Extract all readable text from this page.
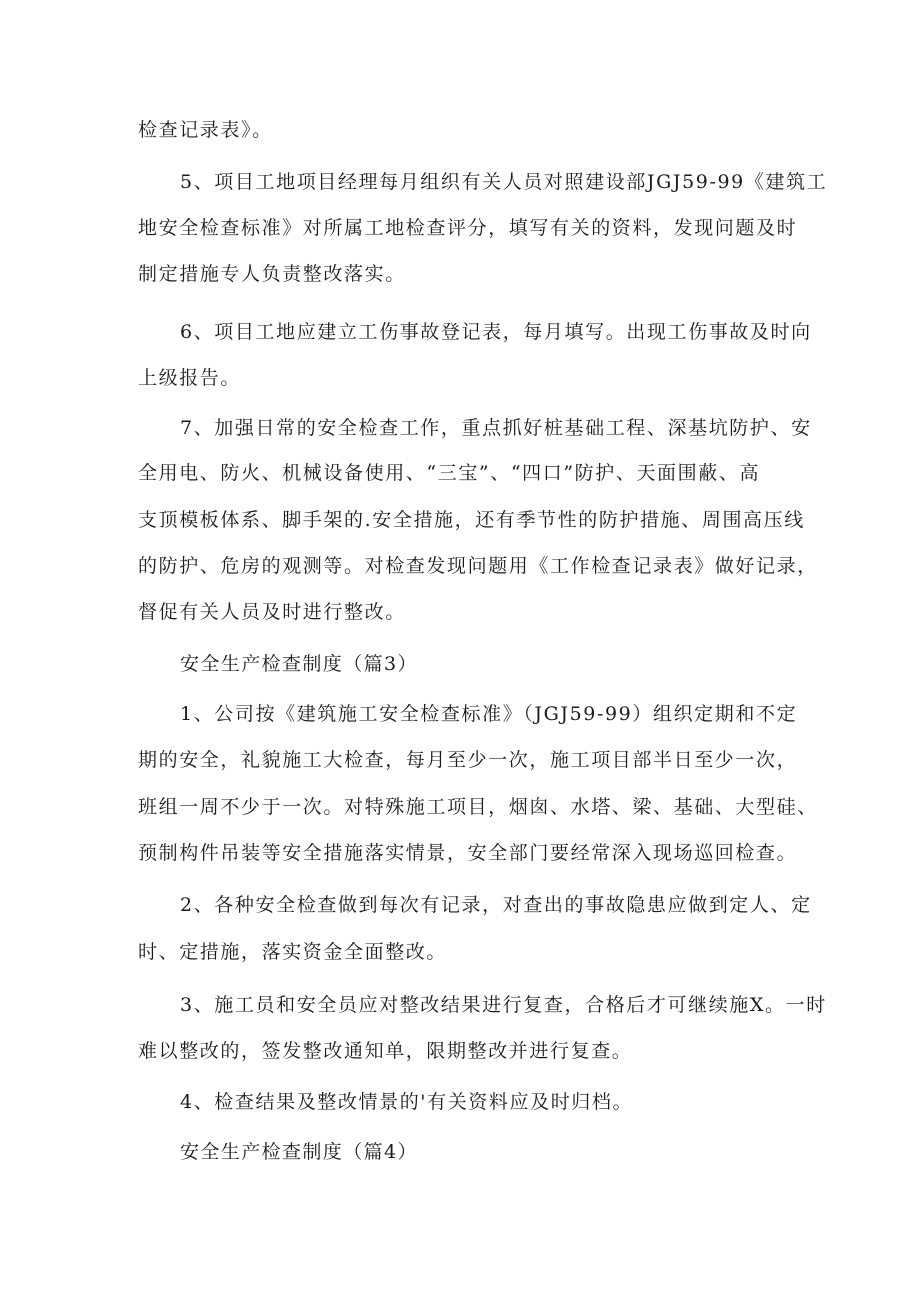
检查记录表》。
5、项目工地项目经理每月组织有关人员对照建设部JGJ59-99《建筑工
地安全检查标准》对所属工地检查评分，填写有关的资料，发现问题及时
制定措施专人负责整改落实。
6、项目工地应建立工伤事故登记表，每月填写。出现工伤事故及时向
上级报告。
7、加强日常的安全检查工作，重点抓好桩基础工程、深基坑防护、安
全用电、防火、机械设备使用、“三宝”、“四口”防护、天面围蔽、高
支顶模板体系、脚手架的.安全措施，还有季节性的防护措施、周围高压线
的防护、危房的观测等。对检查发现问题用《工作检查记录表》做好记录，
督促有关人员及时进行整改。
安全生产检查制度（篇3）
1、公司按《建筑施工安全检查标准》（JGJ59-99）组织定期和不定
期的安全，礼貌施工大检查，每月至少一次，施工项目部半日至少一次，
班组一周不少于一次。对特殊施工项目，烟囱、水塔、梁、基础、大型硅、
预制构件吊装等安全措施落实情景，安全部门要经常深入现场巡回检查。
2、各种安全检查做到每次有记录，对查出的事故隐患应做到定人、定
时、定措施，落实资金全面整改。
3、施工员和安全员应对整改结果进行复查，合格后才可继续施X。一时
难以整改的，签发整改通知单，限期整改并进行复查。
4、检查结果及整改情景的'有关资料应及时归档。
安全生产检查制度（篇4）
